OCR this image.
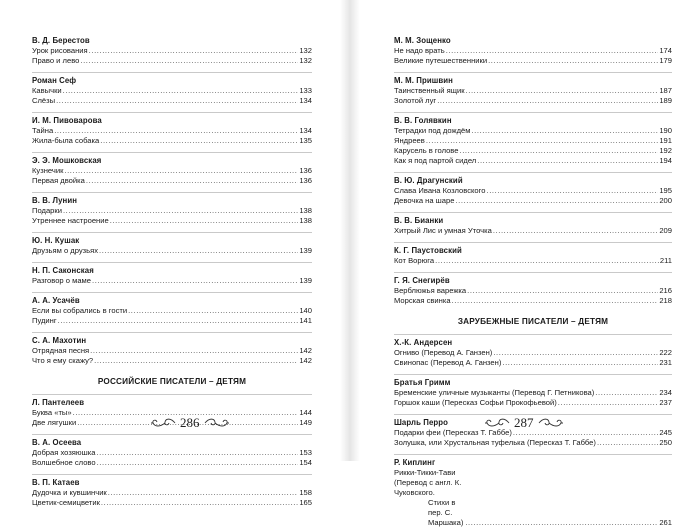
В. Д. Берестов
Урок рисования .....	132
Право и лево .....	132
Роман Сеф
Кавычки .....	133
Слёзы .....	134
И. М. Пивоварова
Тайна .....	134
Жила-была собака .....	135
Э. Э. Мошковская
Кузнечик .....	136
Первая двойка .....	136
В. В. Лунин
Подарки .....	138
Утреннее настроение .....	138
Ю. Н. Кушак
Друзьям о друзьях .....	139
Н. П. Саконская
Разговор о маме .....	139
А. А. Усачёв
Если вы собрались в гости .....	140
Пудинг .....	141
С. А. Махотин
Отрядная песня .....	142
Что я ему скажу? .....	142
РОССИЙСКИЕ ПИСАТЕЛИ – ДЕТЯМ
Л. Пантелеев
Буква «ты» .....	144
Две лягушки .....	149
В. А. Осеева
Добрая хозяюшка .....	153
Волшебное слово .....	154
В. П. Катаев
Дудочка и кувшинчик .....	158
Цветик-семицветик .....	165
286
М. М. Зощенко
Не надо врать .....	174
Великие путешественники .....	179
М. М. Пришвин
Таинственный ящик .....	187
Золотой луг .....	189
В. В. Голявкин
Тетрадки под дождём .....	190
Яндреев .....	191
Карусель в голове .....	192
Как я под партой сидел .....	194
В. Ю. Драгунский
Слава Ивана Козловского .....	195
Девочка на шаре .....	200
В. В. Бианки
Хитрый Лис и умная Уточка .....	209
К. Г. Паустовский
Кот Ворюга .....	211
Г. Я. Снегирёв
Верблюжья варежка .....	216
Морская свинка .....	218
ЗАРУБЕЖНЫЕ ПИСАТЕЛИ – ДЕТЯМ
Х.-К. Андерсен
Огниво (Перевод А. Ганзен) .....	222
Свинопас (Перевод А. Ганзен) .....	231
Братья Гримм
Бременские уличные музыканты (Перевод Г. Петникова) .....	234
Горшок каши (Пересказ Софьи Прокофьевой) .....	237
Шарль Перро
Подарки феи (Пересказ Т. Габбе) .....	245
Золушка, или Хрустальная туфелька (Пересказ Т. Габбе) .....	250
Р. Киплинг
Рикки-Тикки-Тави (Перевод с англ. К. Чуковского.
Стихи в пер. С. Маршака) .....	261
287
